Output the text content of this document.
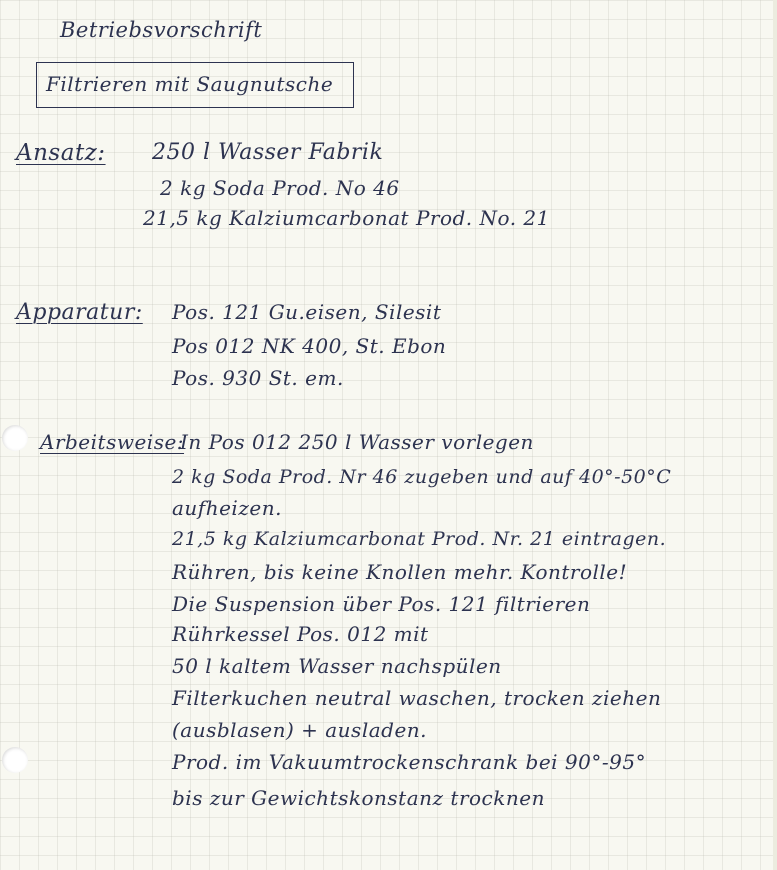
Betriebsvorschrift
Filtrieren mit Saugnutsche
Ansatz: 250 l Wasser Fabrik
2 kg Soda Prod. No 46
21,5 kg Kalziumcarbonat Prod. No. 21
Apparatur: Pos. 121 Gu.eisen, Silesit
Pos 012 NK 400, St. Ebon
Pos. 930 St. em.
Arbeitsweise:
In Pos 012 250 l Wasser vorlegen
2 kg Soda Prod. Nr 46 zugeben und auf 40°-50°C
aufheizen.
21,5 kg Kalziumcarbonat Prod. Nr. 21 eintragen.
Rühren, bis keine Knollen mehr. Kontrolle!
Die Suspension über Pos. 121 filtrieren
Rührkessel Pos. 012 mit
50 l kaltem Wasser nachspülen
Filterkuchen neutral waschen, trocken ziehen
(ausblasen) + ausladen.
Prod. im Vakuumtrockenschrank bei 90°-95°
bis zur Gewichtskonstanz trocknen
